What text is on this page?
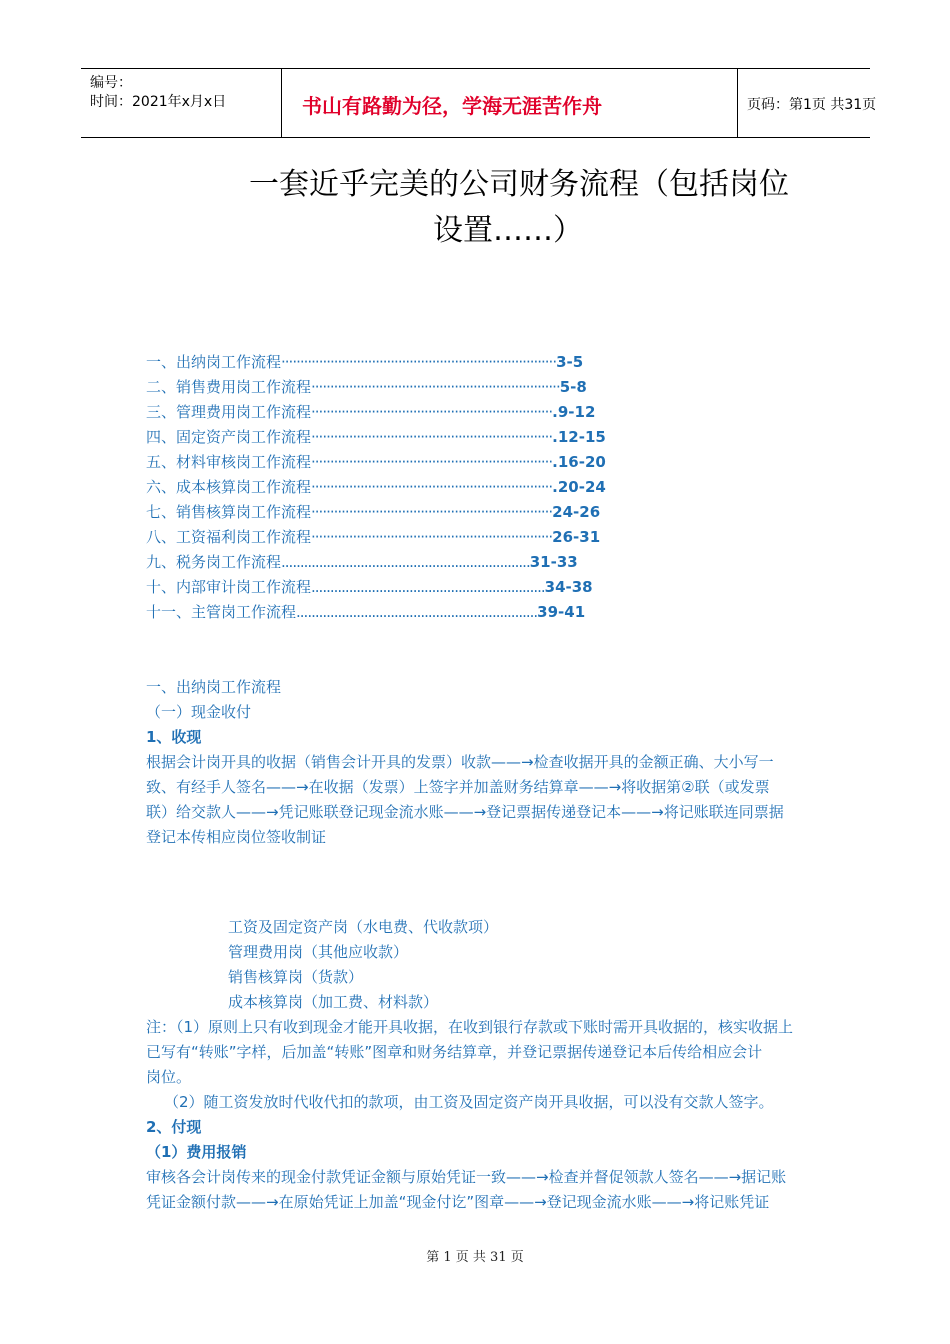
编号：
时间：2021年x月x日	书山有路勤为径，学海无涯苦作舟	页码：第1页 共31页
一套近乎完美的公司财务流程（包括岗位
设置……）
一、出纳岗工作流程·········································································3-5
二、销售费用岗工作流程··································································5-8
三、管理费用岗工作流程································································.9-12
四、固定资产岗工作流程································································.12-15
五、材料审核岗工作流程································································.16-20
六、成本核算岗工作流程································································.20-24
七、销售核算岗工作流程································································24-26
八、工资福利岗工作流程································································26-31
九、税务岗工作流程..................................................................31-33
十、内部审计岗工作流程..............................................................34-38
十一、主管岗工作流程................................................................39-41

一、出纳岗工作流程

（一）现金收付

1、收现

根据会计岗开具的收据（销售会计开具的发票）收款——→检查收据开具的金额正确、大小写一

致、有经手人签名——→在收据（发票）上签字并加盖财务结算章——→将收据第②联（或发票

联）给交款人——→凭记账联登记现金流水账——→登记票据传递登记本——→将记账联连同票据

登记本传相应岗位签收制证

工资及固定资产岗（水电费、代收款项）

管理费用岗（其他应收款）

销售核算岗（货款）

成本核算岗（加工费、材料款）

注：（1）原则上只有收到现金才能开具收据，在收到银行存款或下账时需开具收据的，核实收据上

已写有“转账”字样，后加盖“转账”图章和财务结算章，并登记票据传递登记本后传给相应会计

岗位。

（2）随工资发放时代收代扣的款项，由工资及固定资产岗开具收据，可以没有交款人签字。

2、付现

（1）费用报销

审核各会计岗传来的现金付款凭证金额与原始凭证一致——→检查并督促领款人签名——→据记账

凭证金额付款——→在原始凭证上加盖“现金付讫”图章——→登记现金流水账——→将记账凭证

第 1 页 共 31 页
